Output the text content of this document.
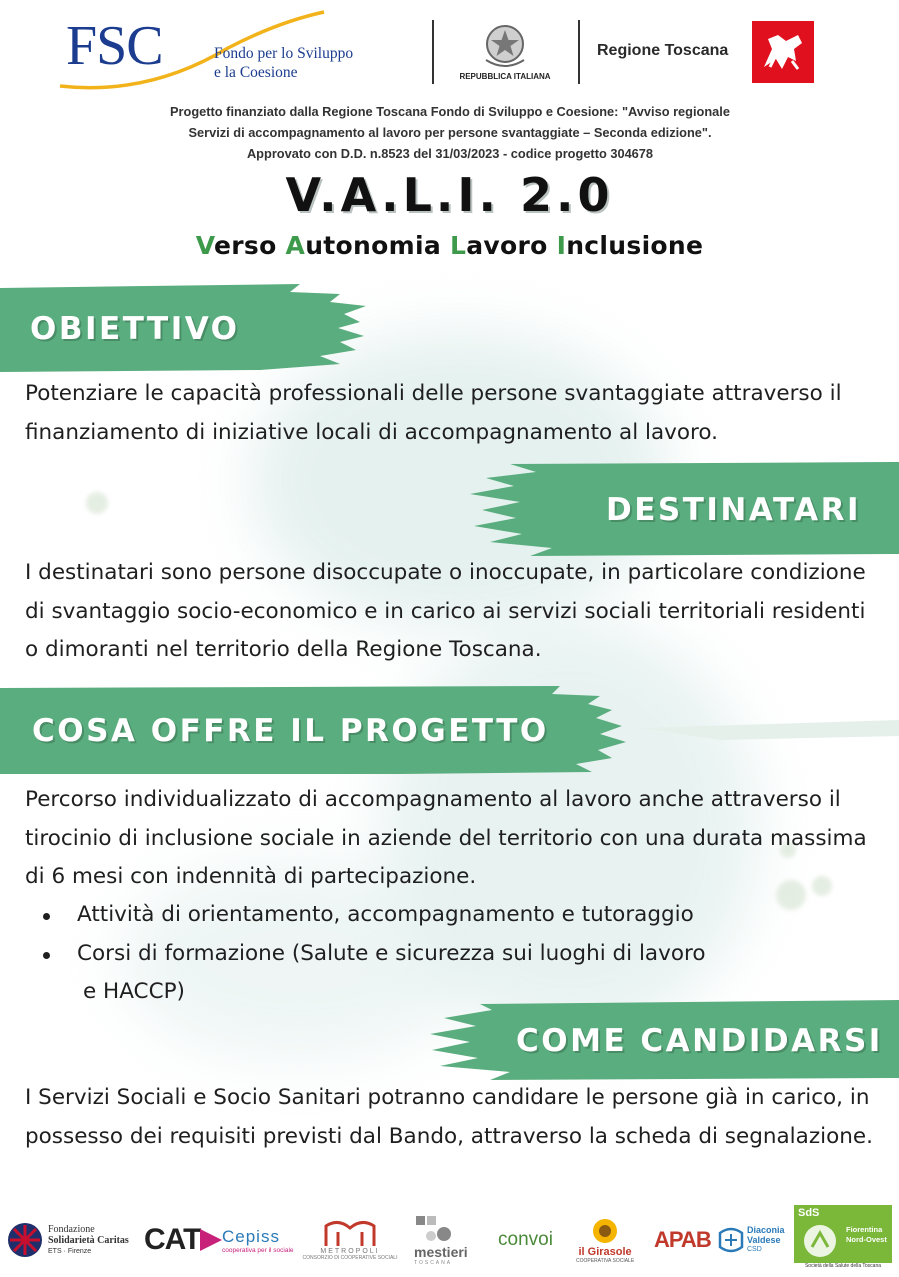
FSC	Fondo per lo Sviluppo
e la Coesione	REPUBBLICA ITALIANA
Regione Toscana
Progetto finanziato dalla Regione Toscana Fondo di Sviluppo e Coesione: "Avviso regionale
Servizi di accompagnamento al lavoro per persone svantaggiate – Seconda edizione".
Approvato con D.D. n.8523 del 31/03/2023 - codice progetto 304678
V.A.L.I. 2.0
Verso Autonomia Lavoro Inclusione
OBIETTIVO
Potenziare le capacità professionali delle persone svantaggiate attraverso il finanziamento di iniziative locali di accompagnamento al lavoro.
DESTINATARI
I destinatari sono persone disoccupate o inoccupate, in particolare condizione di svantaggio socio-economico e in carico ai servizi sociali territoriali residenti o dimoranti nel territorio della Regione Toscana.
COSA OFFRE IL PROGETTO
Percorso individualizzato di accompagnamento al lavoro anche attraverso il tirocinio di inclusione sociale in aziende del territorio con una durata massima di 6 mesi con indennità di partecipazione.
Attività di orientamento, accompagnamento e tutoraggio
Corsi di formazione (Salute e sicurezza sui luoghi di lavoro
e HACCP)
COME CANDIDARSI
I Servizi Sociali e Socio Sanitari potranno candidare le persone già in carico, in possesso dei requisiti previsti dal Bando, attraverso la scheda di segnalazione.
Fondazione
Solidarietà Caritas
ETS · Firenze	CAT Cepiss
cooperativa per il sociale	METROPOLI
CONSORZIO DI COOPERATIVE SOCIALI mestieri
TOSCANA
convoi
il Girasole
COOPERATIVA SOCIALE
APAB	Diaconia
Valdese
CSD
SdS
Fiorentina
Nord-Ovest
Società della Salute della Toscana
